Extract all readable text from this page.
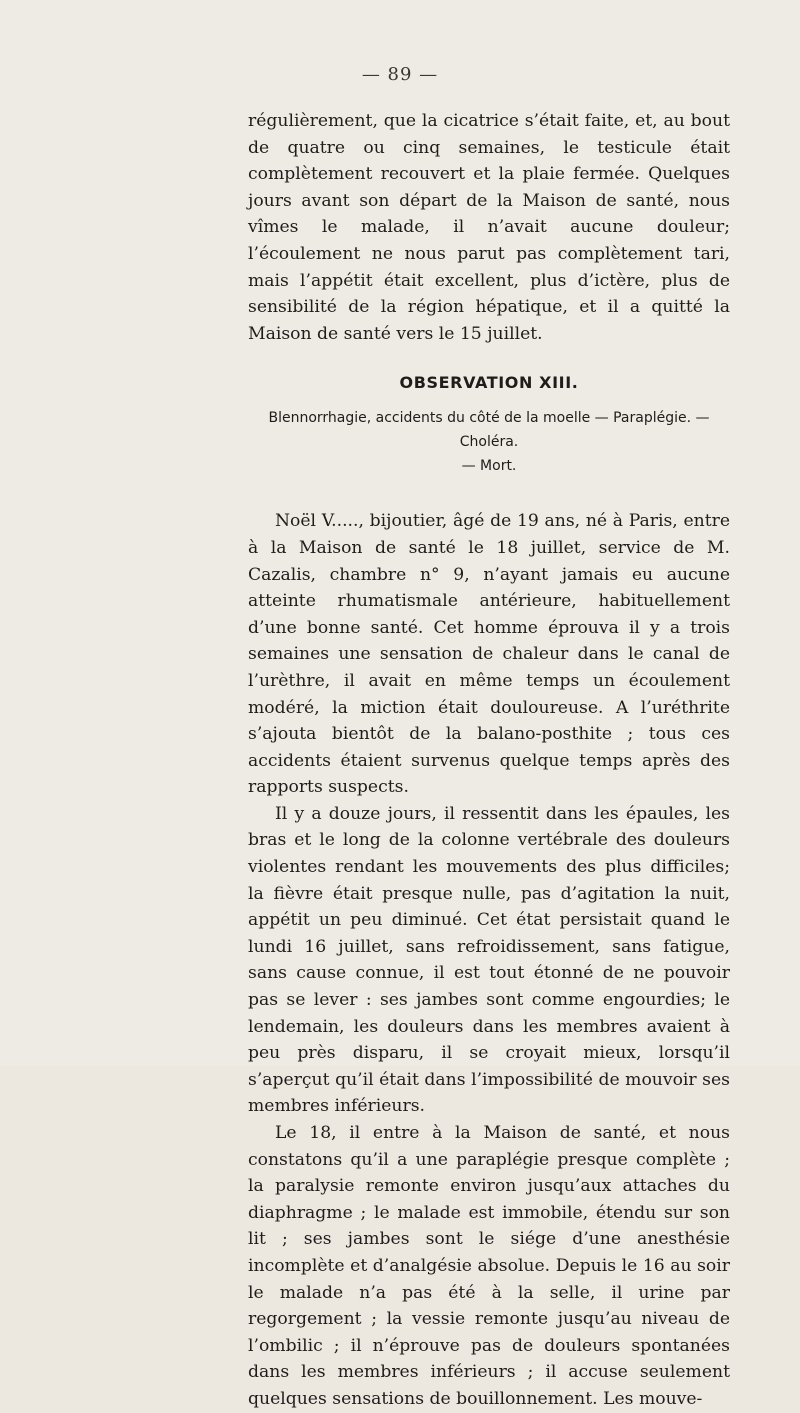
— 89 —

régulièrement, que la cicatrice s’était faite, et, au bout de quatre ou cinq semaines, le testicule était complètement recouvert et la plaie fermée. Quelques jours avant son départ de la Maison de santé, nous vîmes le malade, il n’avait aucune douleur; l’écoulement ne nous parut pas complètement tari, mais l’appétit était excellent, plus d’ictère, plus de sensibilité de la région hépatique, et il a quitté la Maison de santé vers le 15 juillet.

OBSERVATION XIII.
Blennorrhagie, accidents du côté de la moelle — Paraplégie. — Choléra.
— Mort.

Noël V....., bijoutier, âgé de 19 ans, né à Paris, entre à la Maison de santé le 18 juillet, service de M. Cazalis, chambre n° 9, n’ayant jamais eu aucune atteinte rhumatismale antérieure, habituellement d’une bonne santé. Cet homme éprouva il y a trois semaines une sensation de chaleur dans le canal de l’urèthre, il avait en même temps un écoulement modéré, la miction était douloureuse. A l’uréthrite s’ajouta bientôt de la balano-posthite ; tous ces accidents étaient survenus quelque temps après des rapports suspects.

Il y a douze jours, il ressentit dans les épaules, les bras et le long de la colonne vertébrale des douleurs violentes rendant les mouvements des plus difficiles; la fièvre était presque nulle, pas d’agitation la nuit, appétit un peu diminué. Cet état persistait quand le lundi 16 juillet, sans refroidissement, sans fatigue, sans cause connue, il est tout étonné de ne pouvoir pas se lever : ses jambes sont comme engourdies; le lendemain, les douleurs dans les membres avaient à peu près disparu, il se croyait mieux, lorsqu’il s’aperçut qu’il était dans l’impossibilité de mouvoir ses membres inférieurs.

Le 18, il entre à la Maison de santé, et nous constatons qu’il a une paraplégie presque complète ; la paralysie remonte environ jusqu’aux attaches du diaphragme ; le malade est immobile, étendu sur son lit ; ses jambes sont le siége d’une anesthésie incomplète et d’analgésie absolue. Depuis le 16 au soir le malade n’a pas été à la selle, il urine par regorgement ; la vessie remonte jusqu’au niveau de l’ombilic ; il n’éprouve pas de douleurs spontanées dans les membres inférieurs ; il accuse seulement quelques sensations de bouillonnement. Les mouve-
